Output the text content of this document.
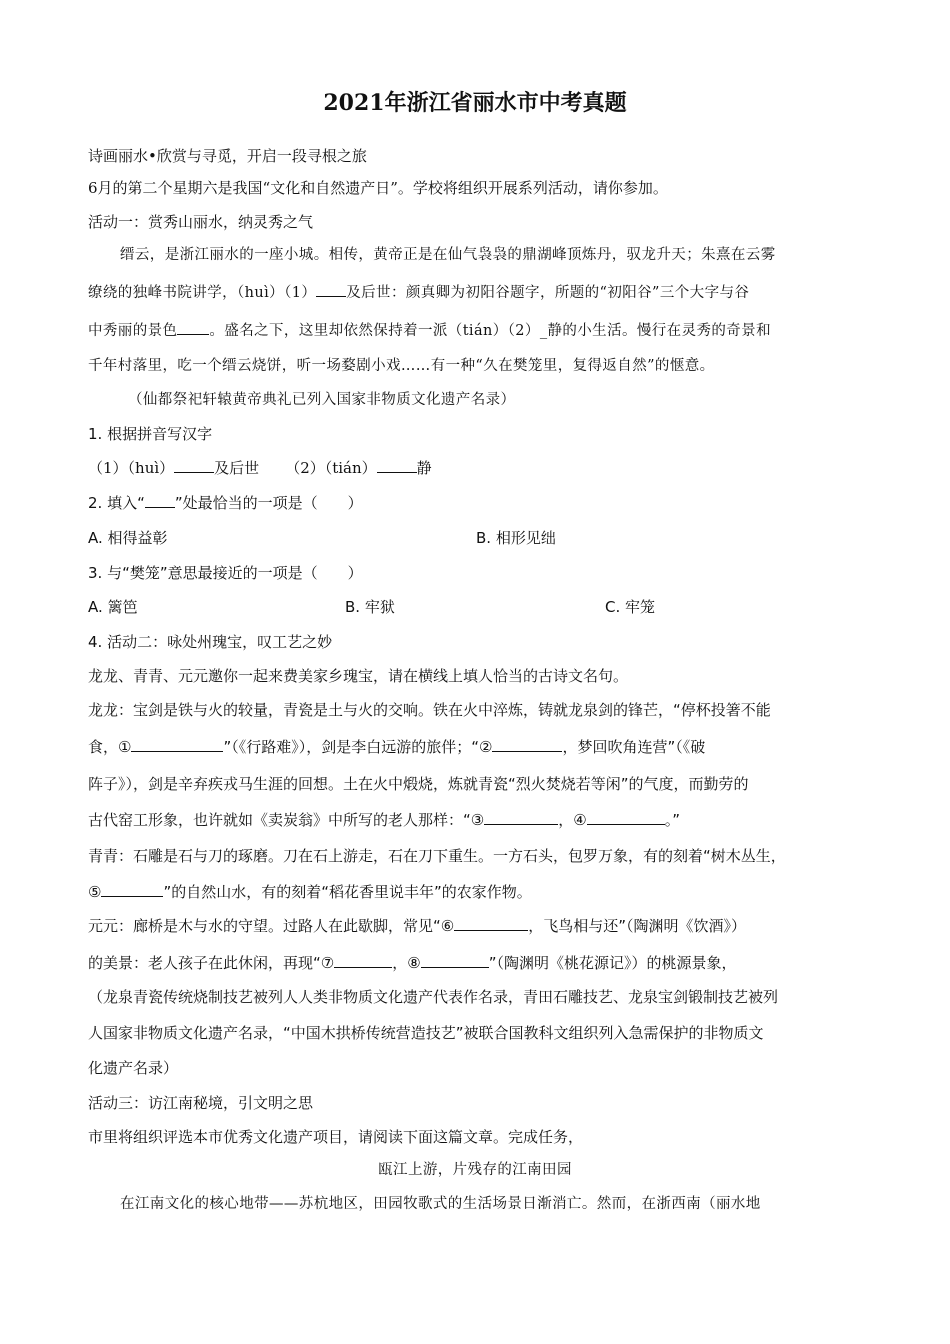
2021年浙江省丽水市中考真题
诗画丽水•欣赏与寻觅，开启一段寻根之旅
6月的第二个星期六是我国“文化和自然遗产日”。学校将组织开展系列活动，请你参加。
活动一：赏秀山丽水，纳灵秀之气
缙云，是浙江丽水的一座小城。相传，黄帝正是在仙气袅袅的鼎湖峰顶炼丹，驭龙升天；朱熹在云雾
缭绕的独峰书院讲学，（huì）（1） 及后世：颜真卿为初阳谷题字，所题的“初阳谷”三个大字与谷
中秀丽的景色 。盛名之下，这里却依然保持着一派（tián）（2）_静的小生活。慢行在灵秀的奇景和
千年村落里，吃一个缙云烧饼，听一场婺剧小戏……有一种“久在樊笼里，复得返自然”的惬意。
（仙都祭祀轩辕黄帝典礼已列入国家非物质文化遗产名录）
1. 根据拼音写汉字
（1）（huì）	及后世 （2）（tián）	静
2. 填入“ ”处最恰当的一项是（　　）
A. 相得益彰	B. 相形见绌
3. 与“樊笼”意思最接近的一项是（　　）
A. 篱笆	B. 牢狱	C. 牢笼
4. 活动二：咏处州瑰宝，叹工艺之妙
龙龙、青青、元元邀你一起来费美家乡瑰宝，请在横线上填人恰当的古诗文名句。
龙龙：宝剑是铁与火的较量，青瓷是土与火的交响。铁在火中淬炼，铸就龙泉剑的锋芒，“停杯投箸不能
食，①	”（《行路难》），剑是李白远游的旅伴；“②	，梦回吹角连营”（《破
阵子》），剑是辛弃疾戎马生涯的回想。土在火中煅烧，炼就青瓷“烈火焚烧若等闲”的气度，而勤劳的
古代窑工形象，也许就如《卖炭翁》中所写的老人那样：“③	，④	。”
青青：石雕是石与刀的琢磨。刀在石上游走，石在刀下重生。一方石头，包罗万象，有的刻着“树木丛生，
⑤	”的自然山水，有的刻着“稻花香里说丰年”的农家作物。
元元：廊桥是木与水的守望。过路人在此歇脚，常见“⑥	，飞鸟相与还”（陶渊明《饮酒》）
的美景：老人孩子在此休闲，再现“⑦	，⑧	”（陶渊明《桃花源记》）的桃源景象，
（龙泉青瓷传统烧制技艺被列人人类非物质文化遗产代表作名录，青田石雕技艺、龙泉宝剑锻制技艺被列
人国家非物质文化遗产名录，“中国木拱桥传统营造技艺”被联合国教科文组织列入急需保护的非物质文
化遗产名录）
活动三：访江南秘境，引文明之思
市里将组织评选本市优秀文化遗产项目，请阅读下面这篇文章。完成任务，
瓯江上游，片残存的江南田园
在江南文化的核心地带——苏杭地区，田园牧歌式的生活场景日渐消亡。然而，在浙西南（丽水地
